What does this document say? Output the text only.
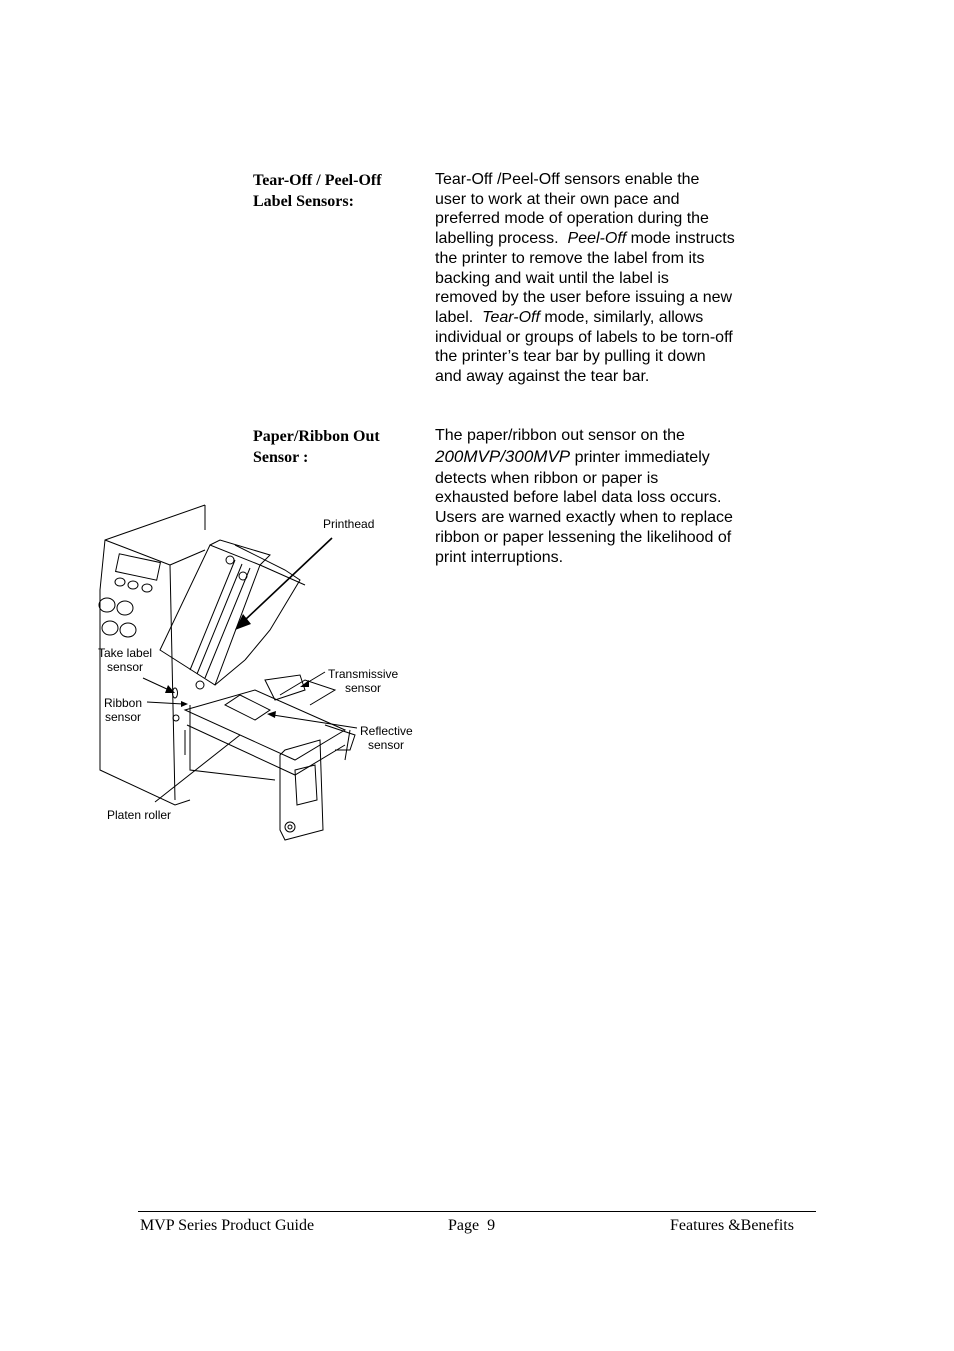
Tear-Off / Peel-Off
Label Sensors:
Tear-Off /Peel-Off sensors enable the
user to work at their own pace and
preferred mode of operation during the
labelling process.  Peel-Off mode instructs
the printer to remove the label from its
backing and wait until the label is
removed by the user before issuing a new
label.  Tear-Off mode, similarly, allows
individual or groups of labels to be torn-off
the printer’s tear bar by pulling it down
and away against the tear bar.
Paper/Ribbon Out
Sensor :
The paper/ribbon out sensor on the
200MVP/300MVP printer immediately
detects when ribbon or paper is
exhausted before label data loss occurs.
Users are warned exactly when to replace
ribbon or paper lessening the likelihood of
print interruptions.
Printhead
Take label
sensor
Ribbon
sensor
Transmissive
sensor
Reflective
sensor
Platen roller
MVP Series Product Guide	Page  9	Features &Benefits
